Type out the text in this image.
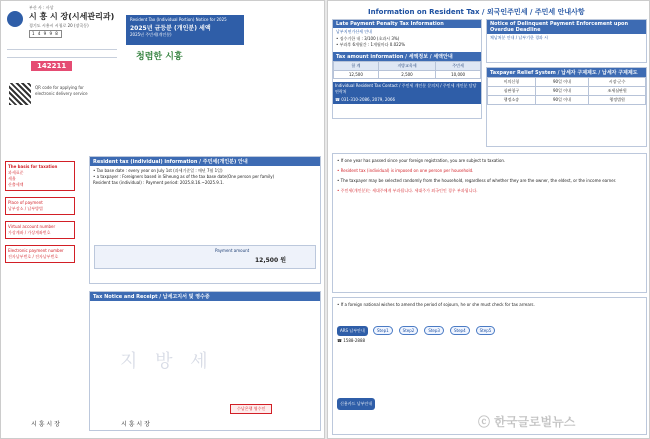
부산 사 : 사상
시 흥 시 장(시세관리과)
경기도 시흥시 시청로 20 (장곡동)
1 4 9 9 8
Resident Tax (Individual Portion) Notice for 2025
2025년 균등분 (개인분) 세액
2025년 주민세(개인분)
청렴한 시흥
142211
QR code for applying for electronic delivery service
The basis for taxation
과세표준
세율
산출세액
Place of payment
납부장소 / 납부방법
Virtual account number
가상계좌 / 가상계좌번호
Electronic payment number
전자납부번호 / 전자납부번호
Resident tax (individual) information / 주민세(개인분) 안내
• Tax base date : every year on July 1st (과세기준일 : 매년 7월 1일)
• a taxpayer : Foreigners based in Siheung as of the tax base date(One person per family)
Resident tax (individual) : Payment period: 2025.8.16.~2025.9.1.
Payment amount
12,500 원
Tax Notice and Receipt / 납세고지서 및 영수증
지 방 세
수납은행 영수인
시 흥 시 장	시 흥 시 장
Information on Resident Tax / 외국인주민세 / 주민세 안내사항
Late Payment Penalty Tax Information
납부지연가산세 안내
• 징수기한 내 : 3/100 (초과시 3%)
• 부과후 6개월간 : 1개월마다 0.022%
Tax amount information / 세액정보 / 세액안내
합 계	지방교육세	주민세
12,500	2,500	10,000
Individual Resident Tax Contact / 주민세 개인분 문의처 / 주민세 개인분 담당 연락처
☎ 031-310-2086, 2079, 2066
Notice of Delinquent Payment Enforcement upon Overdue Deadline
체납처분 안내 / 납부기한 경과 시
Taxpayer Relief System / 납세자 구제제도 / 납세자 구제제도
이의신청	90일 이내	시장·군수
심판청구	90일 이내	조세심판원
행정소송	90일 이내	행정법원
• If one year has passed since your foreign registration, you are subject to taxation.
• Resident tax (individual) is imposed on one person per household.
• The taxpayer may be selected randomly from the household, regardless of whether they are the owner, the eldest, or the income earner.
• 주민세(개인분)는 세대주에게 부과됩니다. 세대주가 외국인인 경우 부과됩니다.
• If a foreign national wishes to amend the period of sojourn, he or she must check for tax arrears.
Step1	Step2	Step3	Step4	Step5
ARS 납부안내
☎ 1588-2888
신용카드 납부안내
ⓒ 한국글로벌뉴스
